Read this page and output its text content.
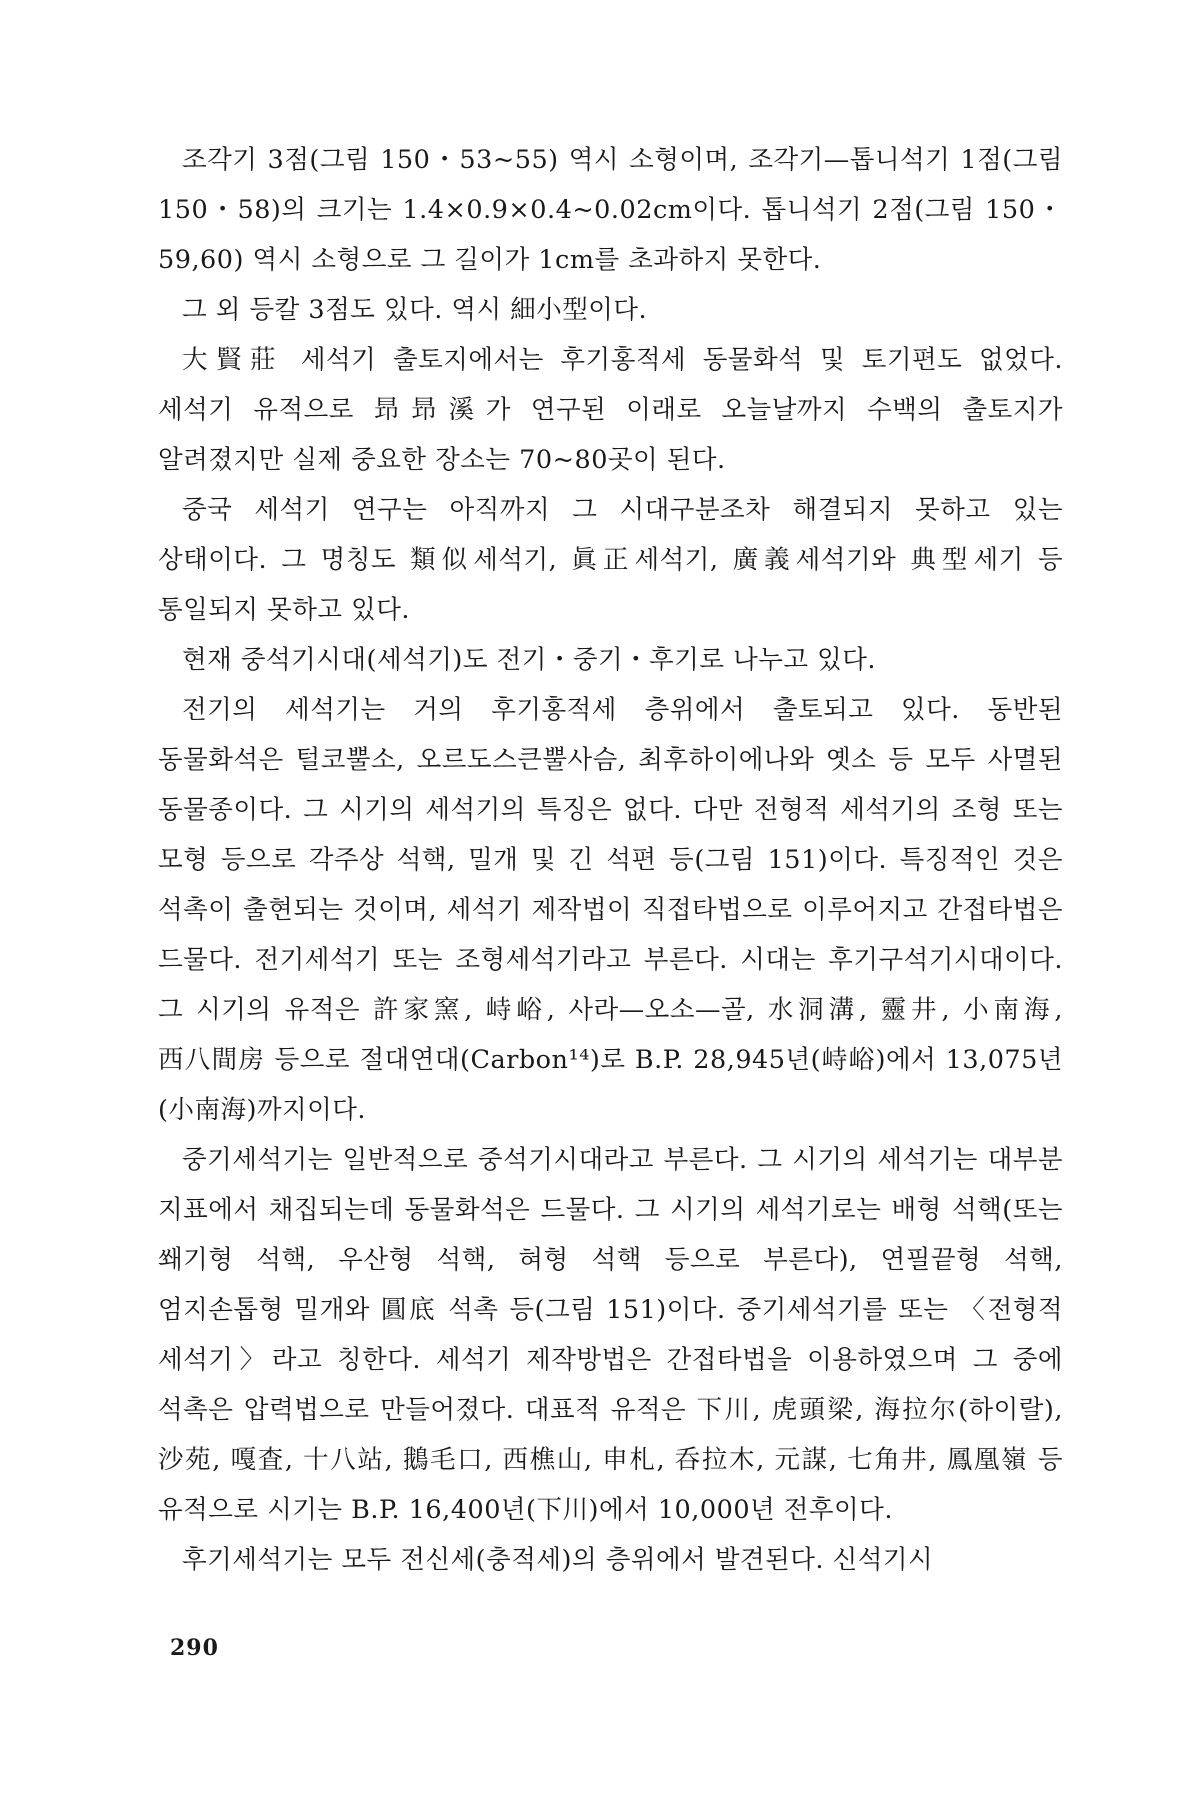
조각기 3점(그림 150・53~55) 역시 소형이며, 조각기—톱니석기 1점(그림 150・58)의 크기는 1.4×0.9×0.4~0.02cm이다. 톱니석기 2점(그림 150・59,60) 역시 소형으로 그 길이가 1cm를 초과하지 못한다.

그 외 등칼 3점도 있다. 역시 細小型이다.

大賢莊 세석기 출토지에서는 후기홍적세 동물화석 및 토기편도 없었다. 세석기 유적으로 昻昻溪가 연구된 이래로 오늘날까지 수백의 출토지가 알려졌지만 실제 중요한 장소는 70~80곳이 된다.

중국 세석기 연구는 아직까지 그 시대구분조차 해결되지 못하고 있는 상태이다. 그 명칭도 類似세석기, 眞正세석기, 廣義세석기와 典型세기 등 통일되지 못하고 있다.

현재 중석기시대(세석기)도 전기・중기・후기로 나누고 있다.

전기의 세석기는 거의 후기홍적세 층위에서 출토되고 있다. 동반된 동물화석은 털코뿔소, 오르도스큰뿔사슴, 최후하이에나와 옛소 등 모두 사멸된 동물종이다. 그 시기의 세석기의 특징은 없다. 다만 전형적 세석기의 조형 또는 모형 등으로 각주상 석핵, 밀개 및 긴 석편 등(그림 151)이다. 특징적인 것은 석촉이 출현되는 것이며, 세석기 제작법이 직접타법으로 이루어지고 간접타법은 드물다. 전기세석기 또는 조형세석기라고 부른다. 시대는 후기구석기시대이다. 그 시기의 유적은 許家窯, 峙峪, 사라—오소—골, 水洞溝, 靈井, 小南海, 西八間房 등으로 절대연대(Carbon¹⁴)로 B.P. 28,945년(峙峪)에서 13,075년(小南海)까지이다.

중기세석기는 일반적으로 중석기시대라고 부른다. 그 시기의 세석기는 대부분 지표에서 채집되는데 동물화석은 드물다. 그 시기의 세석기로는 배형 석핵(또는 쐐기형 석핵, 우산형 석핵, 혀형 석핵 등으로 부른다), 연필끝형 석핵, 엄지손톱형 밀개와 圓底 석촉 등(그림 151)이다. 중기세석기를 또는 〈전형적 세석기〉라고 칭한다. 세석기 제작방법은 간접타법을 이용하였으며 그 중에 석촉은 압력법으로 만들어졌다. 대표적 유적은 下川, 虎頭梁, 海拉尔(하이랄), 沙苑, 嘎査, 十八站, 鵝毛口, 西樵山, 申札, 呑拉木, 元謀, 七角井, 鳳凰嶺 등 유적으로 시기는 B.P. 16,400년(下川)에서 10,000년 전후이다.

후기세석기는 모두 전신세(충적세)의 층위에서 발견된다. 신석기시

290
